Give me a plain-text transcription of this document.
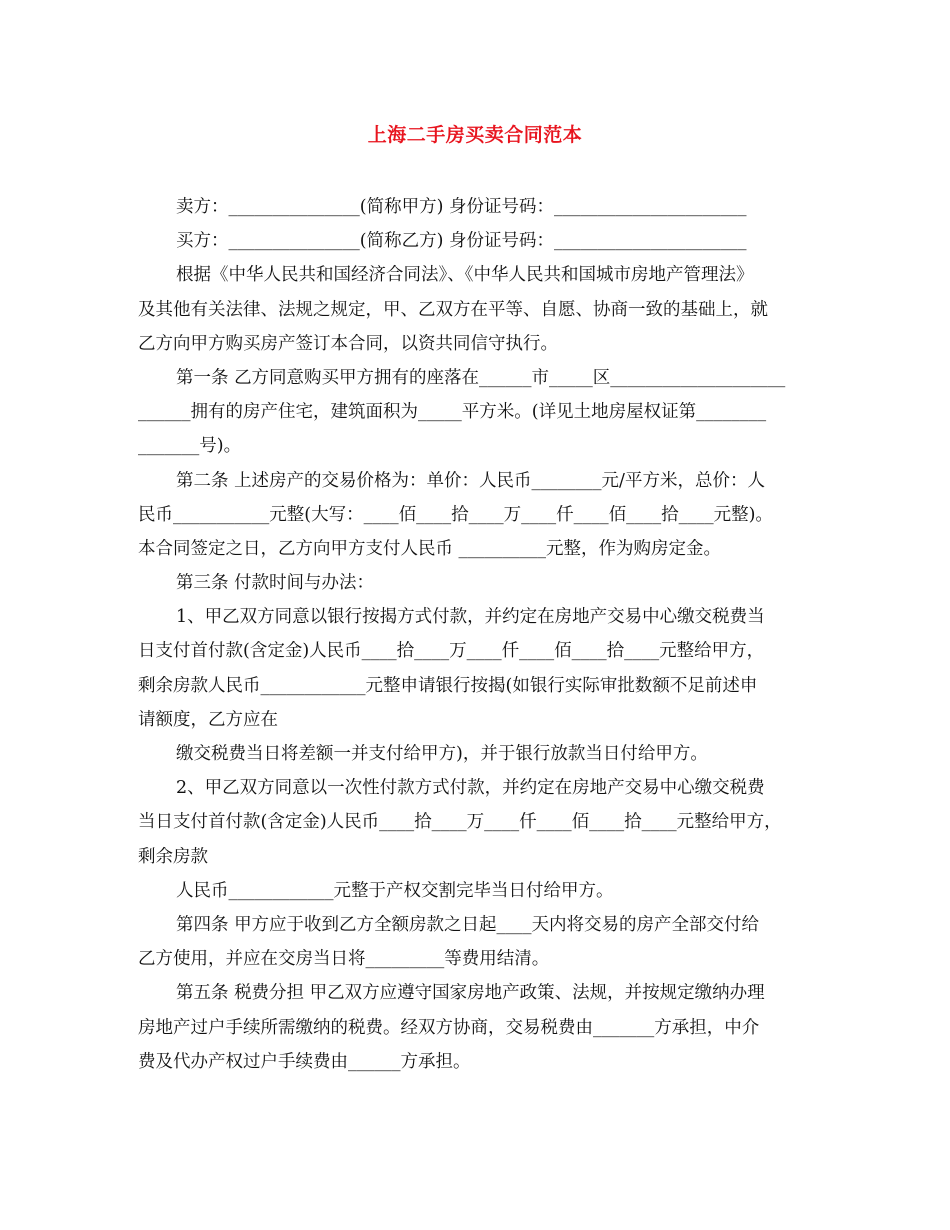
上海二手房买卖合同范本
卖方：_______________(简称甲方) 身份证号码：______________________
买方：_______________(简称乙方) 身份证号码：______________________
根据《中华人民共和国经济合同法》、《中华人民共和国城市房地产管理法》
及其他有关法律、法规之规定，甲、乙双方在平等、自愿、协商一致的基础上，就
乙方向甲方购买房产签订本合同，以资共同信守执行。
第一条 乙方同意购买甲方拥有的座落在______市_____区____________________
______拥有的房产住宅，建筑面积为_____平方米。(详见土地房屋权证第________
_______号)。
第二条 上述房产的交易价格为：单价：人民币________元/平方米，总价：人
民币___________元整(大写：____佰____拾____万____仟____佰____拾____元整)。
本合同签定之日，乙方向甲方支付人民币 __________元整，作为购房定金。
第三条 付款时间与办法：
1、甲乙双方同意以银行按揭方式付款，并约定在房地产交易中心缴交税费当
日支付首付款(含定金)人民币____拾____万____仟____佰____拾____元整给甲方，
剩余房款人民币____________元整申请银行按揭(如银行实际审批数额不足前述申
请额度，乙方应在
缴交税费当日将差额一并支付给甲方)，并于银行放款当日付给甲方。
2、甲乙双方同意以一次性付款方式付款，并约定在房地产交易中心缴交税费
当日支付首付款(含定金)人民币____拾____万____仟____佰____拾____元整给甲方，
剩余房款
人民币____________元整于产权交割完毕当日付给甲方。
第四条 甲方应于收到乙方全额房款之日起____天内将交易的房产全部交付给
乙方使用，并应在交房当日将_________等费用结清。
第五条 税费分担 甲乙双方应遵守国家房地产政策、法规，并按规定缴纳办理
房地产过户手续所需缴纳的税费。经双方协商，交易税费由_______方承担，中介
费及代办产权过户手续费由______方承担。
